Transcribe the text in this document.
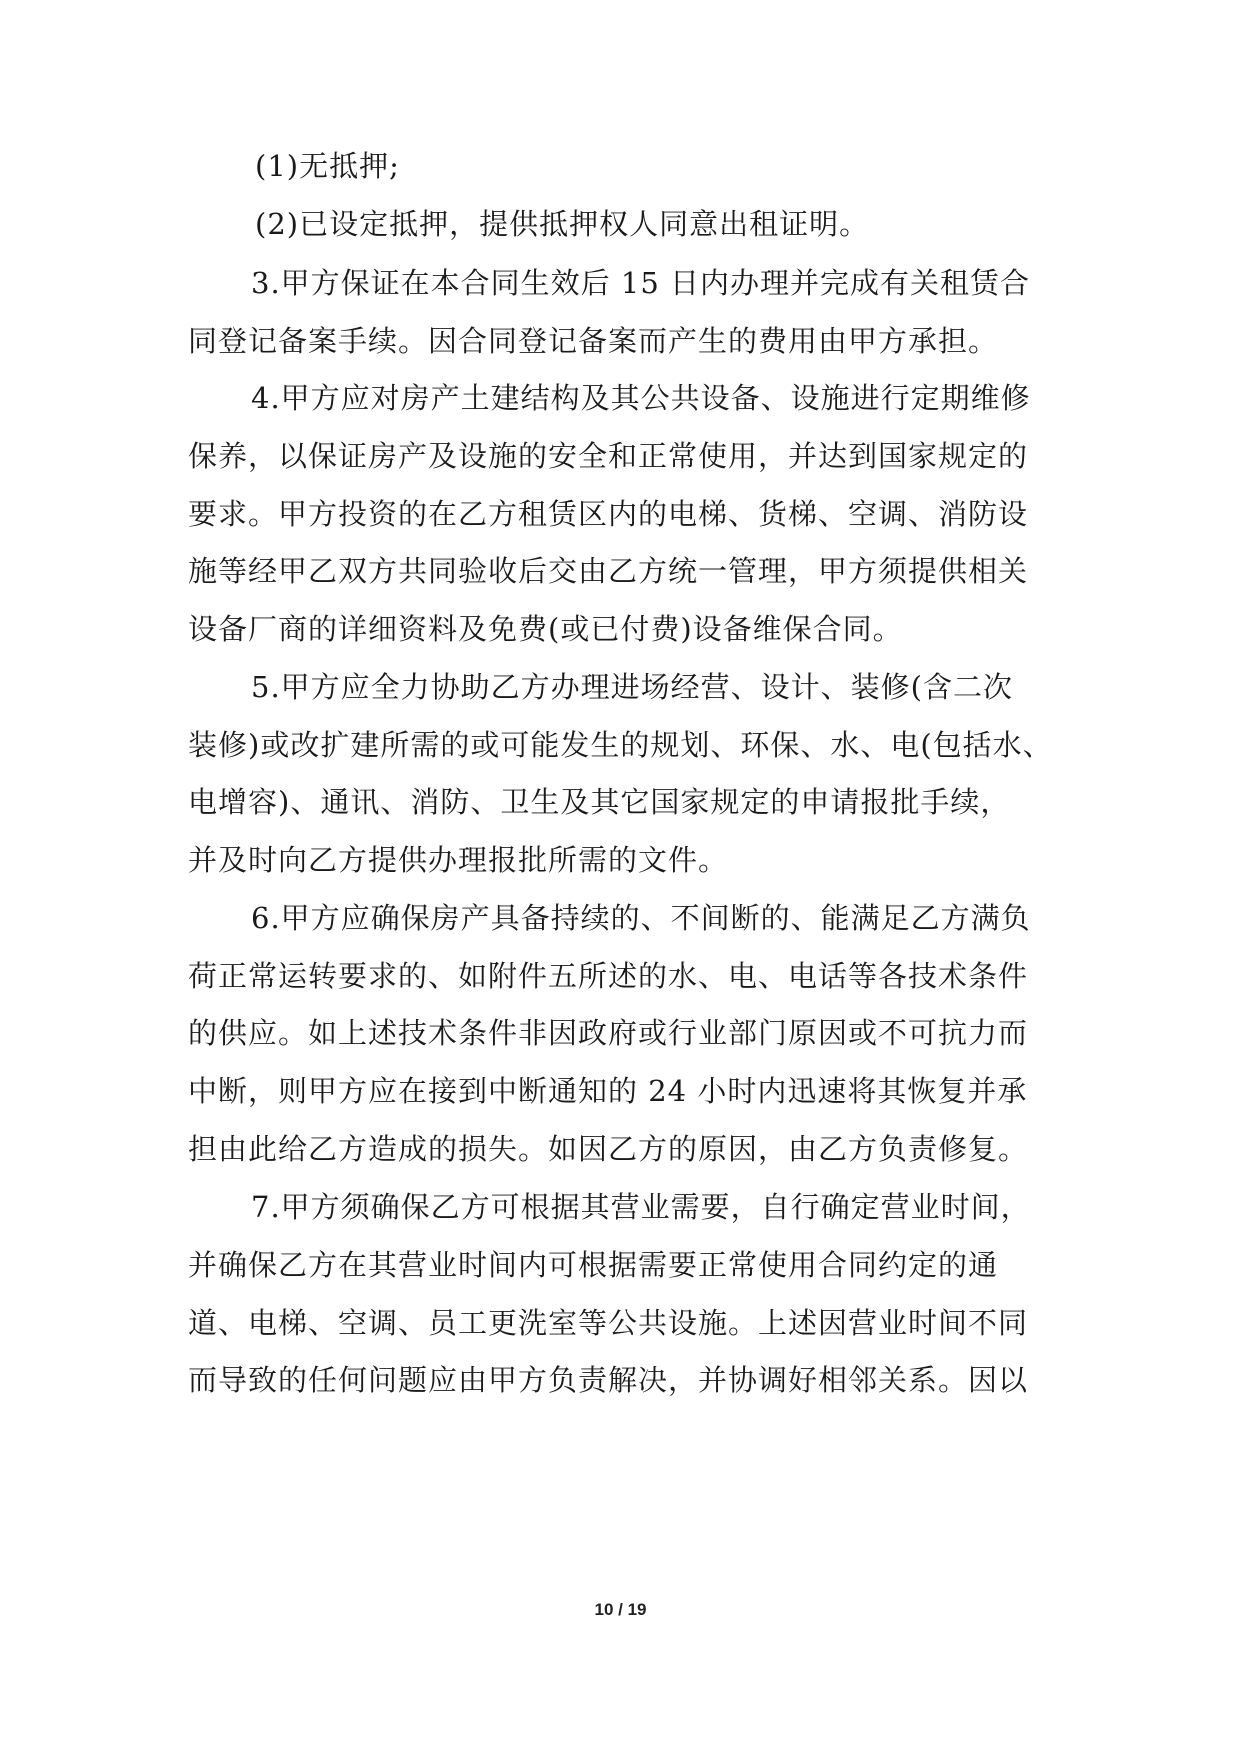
(1)无抵押;
(2)已设定抵押，提供抵押权人同意出租证明。
3.甲方保证在本合同生效后 15 日内办理并完成有关租赁合
同登记备案手续。因合同登记备案而产生的费用由甲方承担。
4.甲方应对房产土建结构及其公共设备、设施进行定期维修
保养，以保证房产及设施的安全和正常使用，并达到国家规定的
要求。甲方投资的在乙方租赁区内的电梯、货梯、空调、消防设
施等经甲乙双方共同验收后交由乙方统一管理，甲方须提供相关
设备厂商的详细资料及免费(或已付费)设备维保合同。
5.甲方应全力协助乙方办理进场经营、设计、装修(含二次
装修)或改扩建所需的或可能发生的规划、环保、水、电(包括水、
电增容)、通讯、消防、卫生及其它国家规定的申请报批手续，
并及时向乙方提供办理报批所需的文件。
6.甲方应确保房产具备持续的、不间断的、能满足乙方满负
荷正常运转要求的、如附件五所述的水、电、电话等各技术条件
的供应。如上述技术条件非因政府或行业部门原因或不可抗力而
中断，则甲方应在接到中断通知的 24 小时内迅速将其恢复并承
担由此给乙方造成的损失。如因乙方的原因，由乙方负责修复。
7.甲方须确保乙方可根据其营业需要，自行确定营业时间，
并确保乙方在其营业时间内可根据需要正常使用合同约定的通
道、电梯、空调、员工更洗室等公共设施。上述因营业时间不同
而导致的任何问题应由甲方负责解决，并协调好相邻关系。因以
10 / 19
